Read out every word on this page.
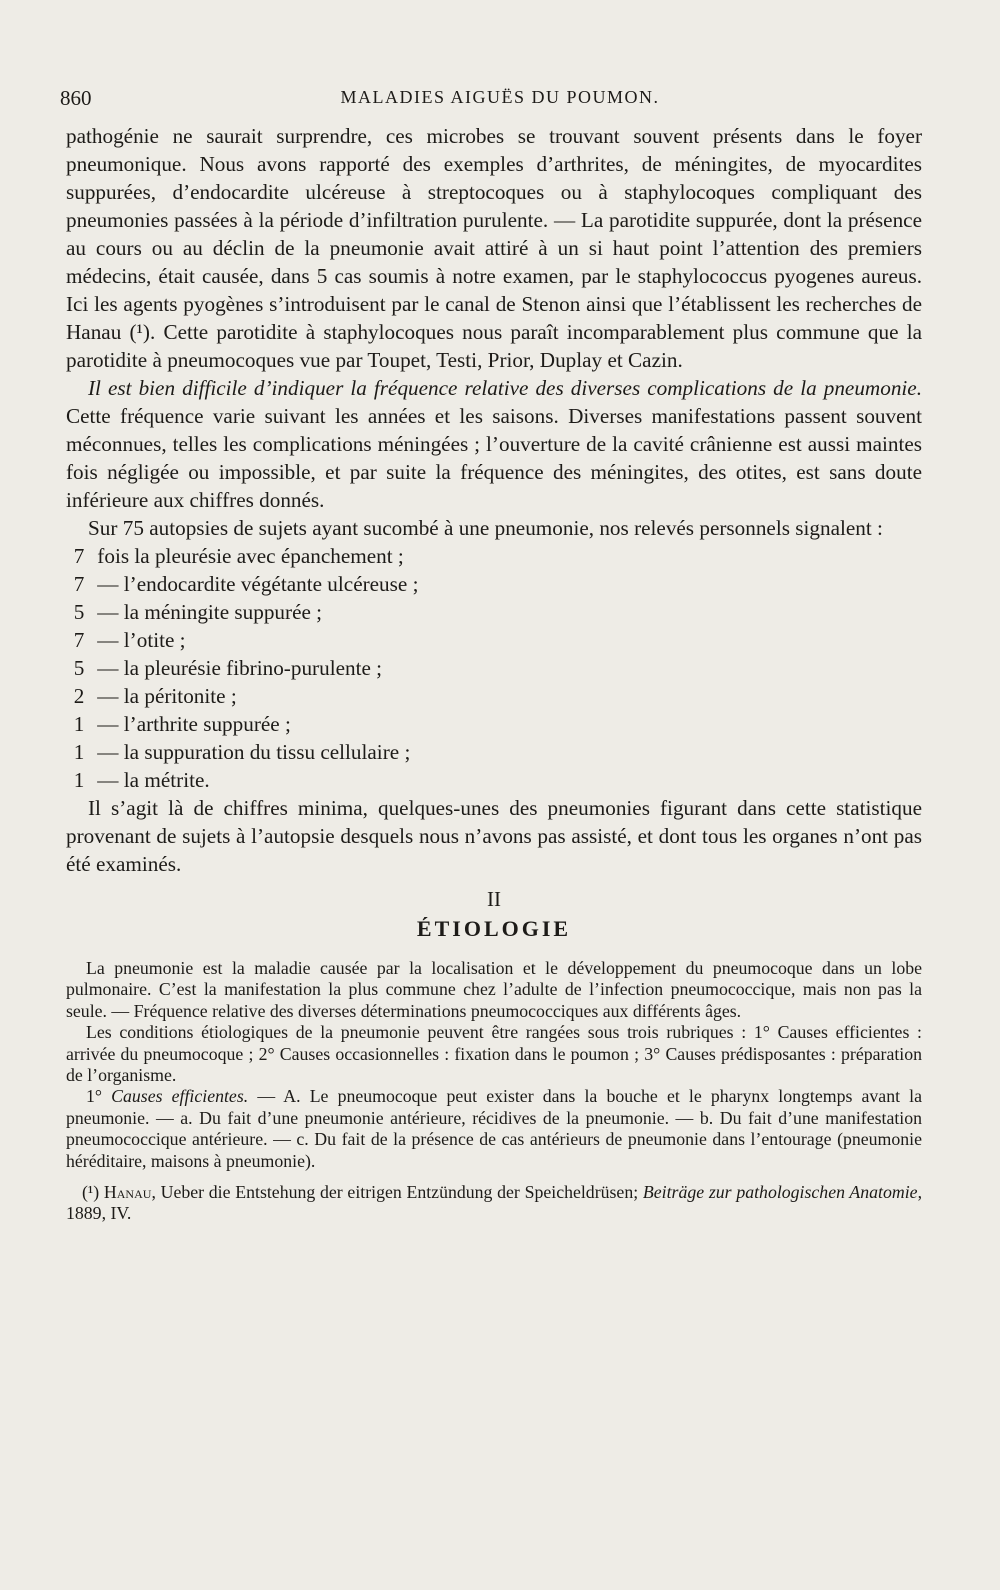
860	MALADIES AIGUËS DU POUMON.

pathogénie ne saurait surprendre, ces microbes se trouvant souvent présents dans le foyer pneumonique. Nous avons rapporté des exemples d’arthrites, de méningites, de myocardites suppurées, d’endocardite ulcéreuse à streptocoques ou à staphylocoques compliquant des pneumonies passées à la période d’infiltration purulente. — La parotidite suppurée, dont la présence au cours ou au déclin de la pneumonie avait attiré à un si haut point l’attention des premiers médecins, était causée, dans 5 cas soumis à notre examen, par le staphylococcus pyogenes aureus. Ici les agents pyogènes s’introduisent par le canal de Stenon ainsi que l’établissent les recherches de Hanau (¹). Cette parotidite à staphylocoques nous paraît incomparablement plus commune que la parotidite à pneumocoques vue par Toupet, Testi, Prior, Duplay et Cazin.

Il est bien difficile d’indiquer la fréquence relative des diverses complications de la pneumonie. Cette fréquence varie suivant les années et les saisons. Diverses manifestations passent souvent méconnues, telles les complications méningées ; l’ouverture de la cavité crânienne est aussi maintes fois négligée ou impossible, et par suite la fréquence des méningites, des otites, est sans doute inférieure aux chiffres donnés.

Sur 75 autopsies de sujets ayant sucombé à une pneumonie, nos relevés personnels signalent :

7 fois la pleurésie avec épanchement ;
7 — l’endocardite végétante ulcéreuse ;
5 — la méningite suppurée ;
7 — l’otite ;
5 — la pleurésie fibrino-purulente ;
2 — la péritonite ;
1 — l’arthrite suppurée ;
1 — la suppuration du tissu cellulaire ;
1 — la métrite.

Il s’agit là de chiffres minima, quelques-unes des pneumonies figurant dans cette statistique provenant de sujets à l’autopsie desquels nous n’avons pas assisté, et dont tous les organes n’ont pas été examinés.

II
ÉTIOLOGIE

La pneumonie est la maladie causée par la localisation et le développement du pneumocoque dans un lobe pulmonaire. C’est la manifestation la plus commune chez l’adulte de l’infection pneumococcique, mais non pas la seule. — Fréquence relative des diverses déterminations pneumococciques aux différents âges.

Les conditions étiologiques de la pneumonie peuvent être rangées sous trois rubriques : 1° Causes efficientes : arrivée du pneumocoque ; 2° Causes occasionnelles : fixation dans le poumon ; 3° Causes prédisposantes : préparation de l’organisme.

1° Causes efficientes. — A. Le pneumocoque peut exister dans la bouche et le pharynx longtemps avant la pneumonie. — a. Du fait d’une pneumonie antérieure, récidives de la pneumonie. — b. Du fait d’une manifestation pneumococcique antérieure. — c. Du fait de la présence de cas antérieurs de pneumonie dans l’entourage (pneumonie héréditaire, maisons à pneumonie).

(¹) Hanau, Ueber die Entstehung der eitrigen Entzündung der Speicheldrüsen; Beiträge zur pathologischen Anatomie, 1889, IV.
